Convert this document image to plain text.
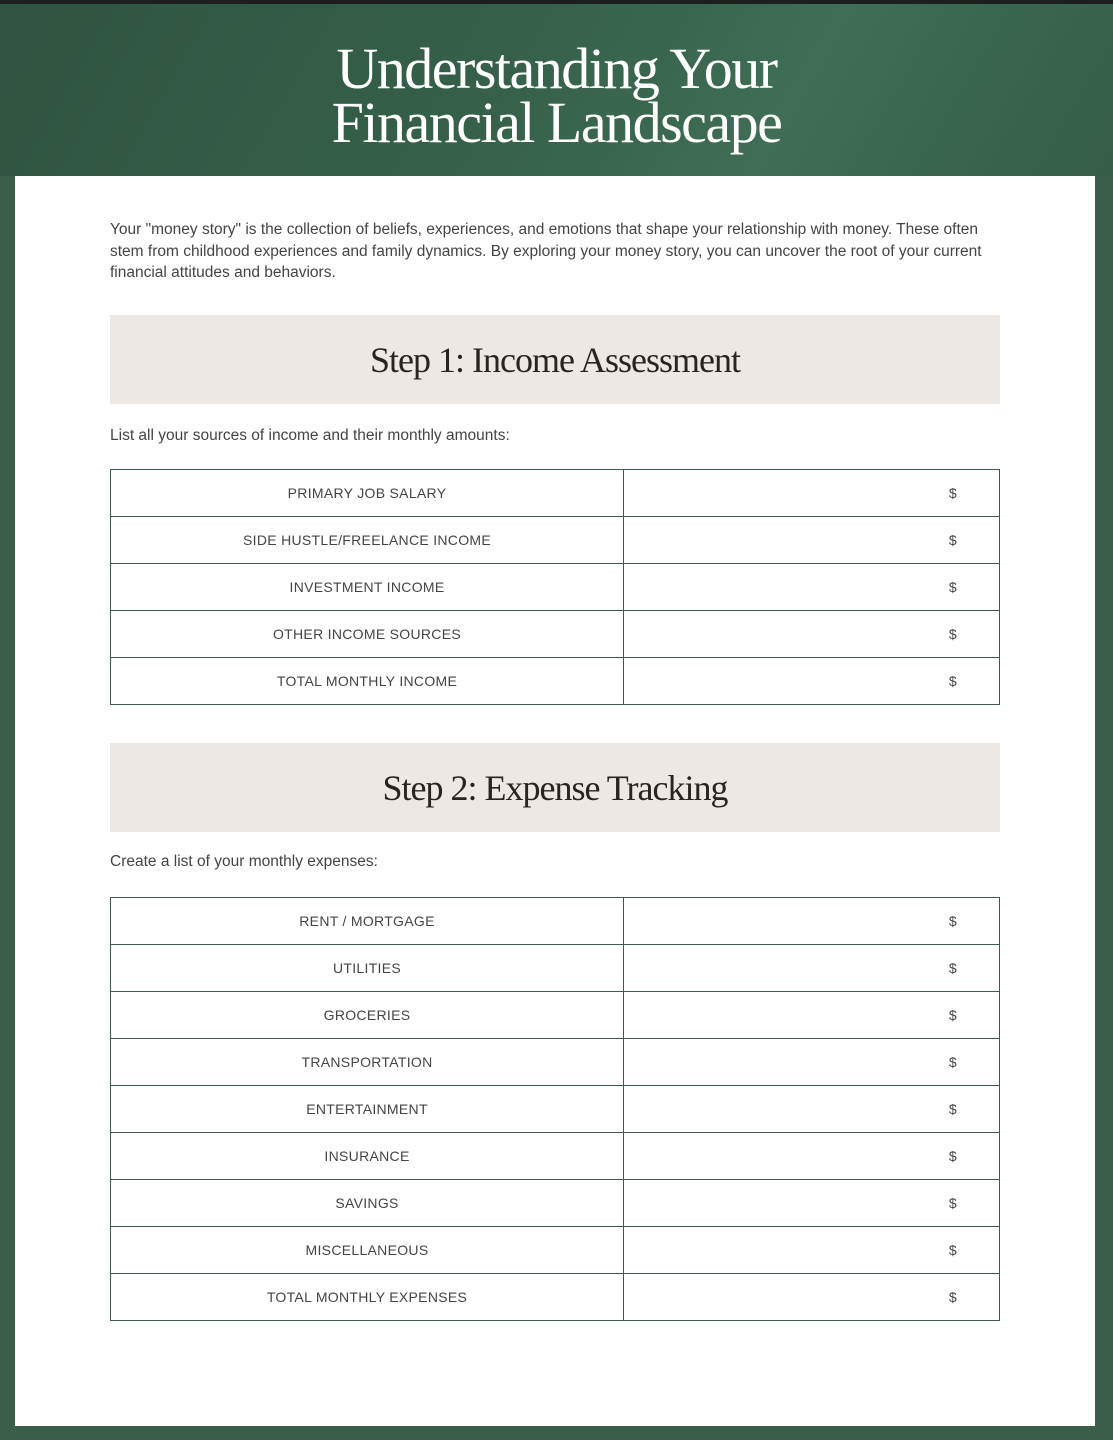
Understanding Your
Financial Landscape
Your "money story" is the collection of beliefs, experiences, and emotions that shape your relationship with money. These often stem from childhood experiences and family dynamics. By exploring your money story, you can uncover the root of your current financial attitudes and behaviors.
Step 1: Income Assessment
List all your sources of income and their monthly amounts:
PRIMARY JOB SALARY	$
SIDE HUSTLE/FREELANCE INCOME	$
INVESTMENT INCOME	$
OTHER INCOME SOURCES	$
TOTAL MONTHLY INCOME	$
Step 2: Expense Tracking
Create a list of your monthly expenses:
RENT / MORTGAGE	$
UTILITIES	$
GROCERIES	$
TRANSPORTATION	$
ENTERTAINMENT	$
INSURANCE	$
SAVINGS	$
MISCELLANEOUS	$
TOTAL MONTHLY EXPENSES	$
